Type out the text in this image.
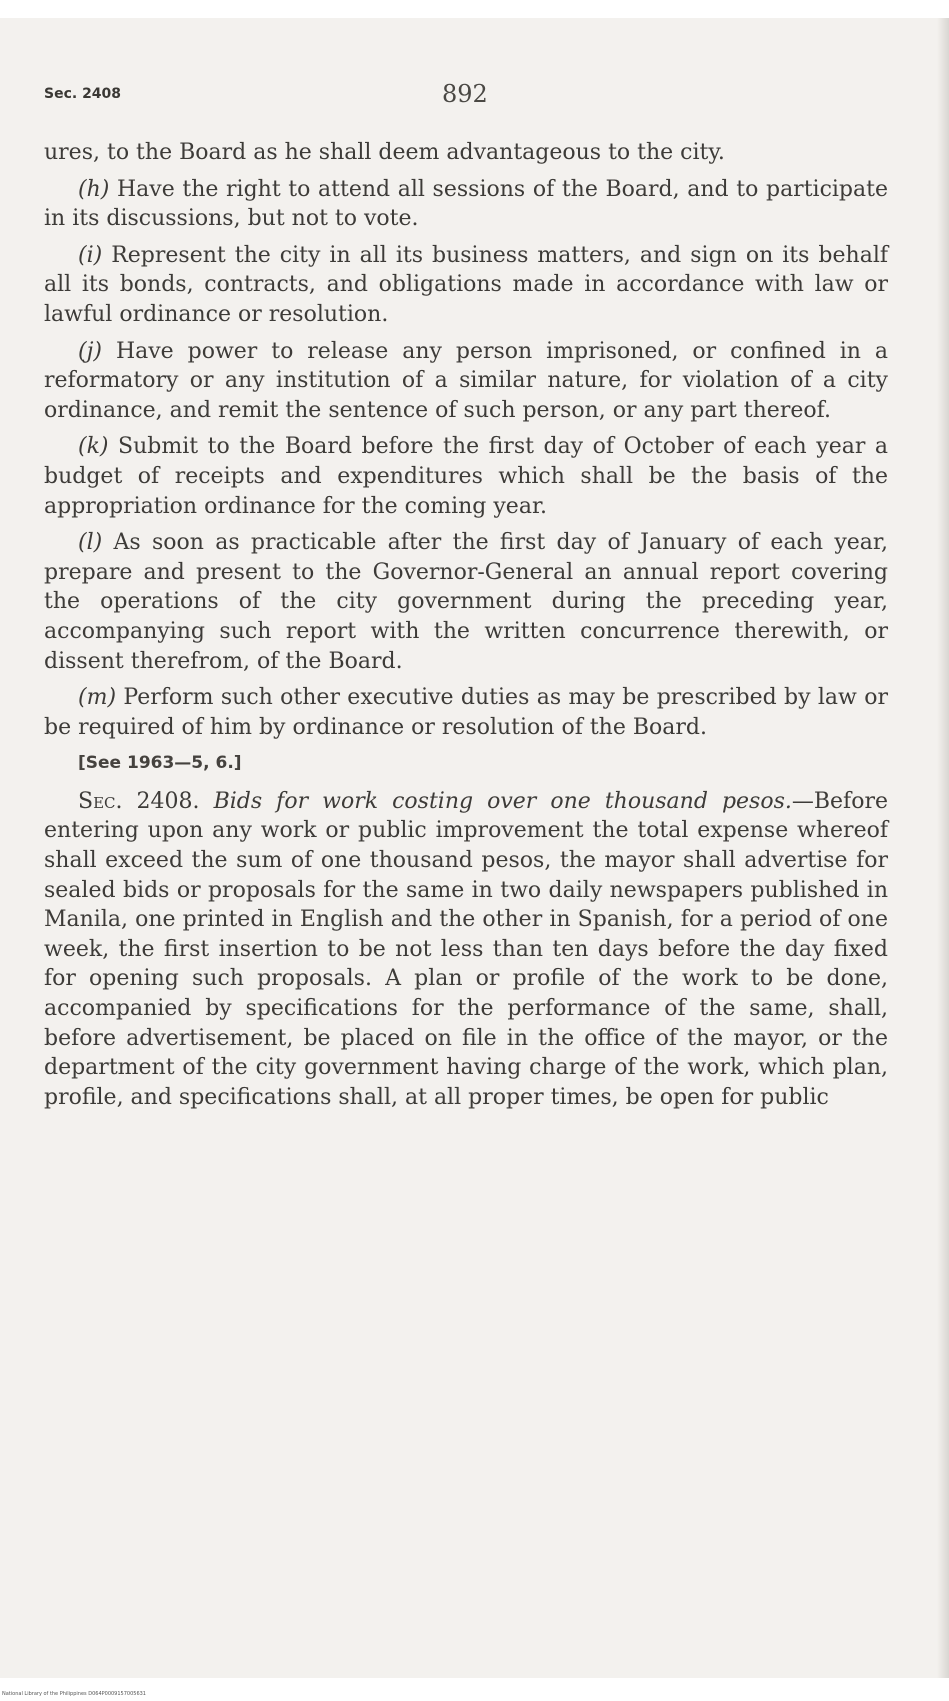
Sec. 2408	892

ures, to the Board as he shall deem advantageous to the city.

(h) Have the right to attend all sessions of the Board, and to participate in its discussions, but not to vote.

(i) Represent the city in all its business matters, and sign on its behalf all its bonds, contracts, and obligations made in accordance with law or lawful ordinance or resolution.

(j) Have power to release any person imprisoned, or confined in a reformatory or any institution of a similar nature, for violation of a city ordinance, and remit the sentence of such person, or any part thereof.

(k) Submit to the Board before the first day of October of each year a budget of receipts and expenditures which shall be the basis of the appropriation ordinance for the coming year.

(l) As soon as practicable after the first day of January of each year, prepare and present to the Governor-General an annual report covering the operations of the city government during the preceding year, accompanying such report with the written concurrence therewith, or dissent therefrom, of the Board.

(m) Perform such other executive duties as may be prescribed by law or be required of him by ordinance or resolution of the Board.

[See 1963—5, 6.]

Sec. 2408. Bids for work costing over one thousand pesos.—Before entering upon any work or public improvement the total expense whereof shall exceed the sum of one thousand pesos, the mayor shall advertise for sealed bids or proposals for the same in two daily newspapers published in Manila, one printed in English and the other in Spanish, for a period of one week, the first insertion to be not less than ten days before the day fixed for opening such proposals. A plan or profile of the work to be done, accompanied by specifications for the performance of the same, shall, before advertisement, be placed on file in the office of the mayor, or the department of the city government having charge of the work, which plan, profile, and specifications shall, at all proper times, be open for public

National Library of the Philippines D064P0009157005631
